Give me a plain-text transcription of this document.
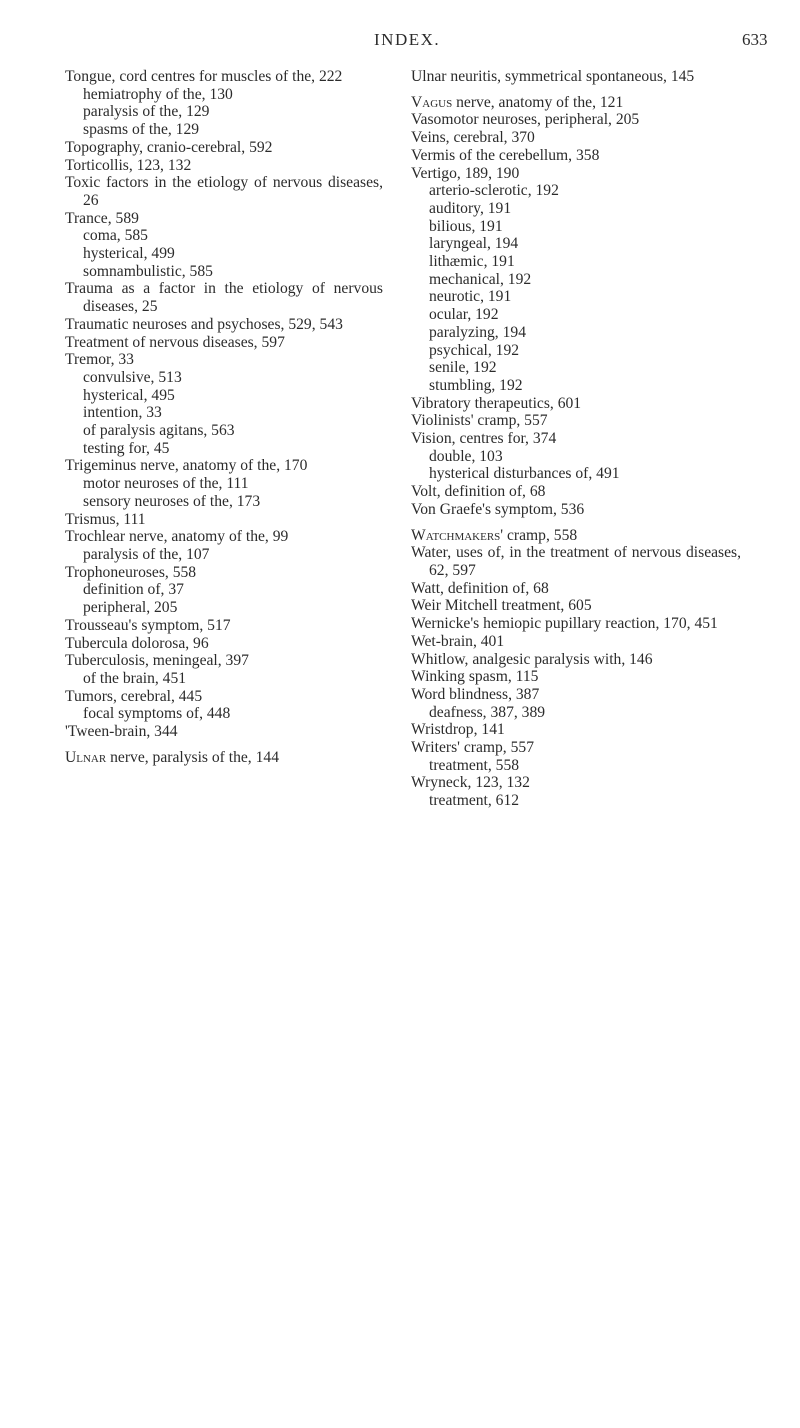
INDEX.	633

Tongue, cord centres for muscles of the, 222

hemiatrophy of the, 130

paralysis of the, 129

spasms of the, 129

Topography, cranio-cerebral, 592

Torticollis, 123, 132

Toxic factors in the etiology of nervous diseases, 26

Trance, 589

coma, 585

hysterical, 499

somnambulistic, 585

Trauma as a factor in the etiology of nervous diseases, 25

Traumatic neuroses and psychoses, 529, 543

Treatment of nervous diseases, 597

Tremor, 33

convulsive, 513

hysterical, 495

intention, 33

of paralysis agitans, 563

testing for, 45

Trigeminus nerve, anatomy of the, 170

motor neuroses of the, 111

sensory neuroses of the, 173

Trismus, 111

Trochlear nerve, anatomy of the, 99

paralysis of the, 107

Trophoneuroses, 558

definition of, 37

peripheral, 205

Trousseau's symptom, 517

Tubercula dolorosa, 96

Tuberculosis, meningeal, 397

of the brain, 451

Tumors, cerebral, 445

focal symptoms of, 448

'Tween-brain, 344

Ulnar nerve, paralysis of the, 144

Ulnar neuritis, symmetrical spontaneous, 145

Vagus nerve, anatomy of the, 121

Vasomotor neuroses, peripheral, 205

Veins, cerebral, 370

Vermis of the cerebellum, 358

Vertigo, 189, 190

arterio-sclerotic, 192

auditory, 191

bilious, 191

laryngeal, 194

lithæmic, 191

mechanical, 192

neurotic, 191

ocular, 192

paralyzing, 194

psychical, 192

senile, 192

stumbling, 192

Vibratory therapeutics, 601

Violinists' cramp, 557

Vision, centres for, 374

double, 103

hysterical disturbances of, 491

Volt, definition of, 68

Von Graefe's symptom, 536

Watchmakers' cramp, 558

Water, uses of, in the treatment of nervous diseases, 62, 597

Watt, definition of, 68

Weir Mitchell treatment, 605

Wernicke's hemiopic pupillary reaction, 170, 451

Wet-brain, 401

Whitlow, analgesic paralysis with, 146

Winking spasm, 115

Word blindness, 387

deafness, 387, 389

Wristdrop, 141

Writers' cramp, 557

treatment, 558

Wryneck, 123, 132

treatment, 612
